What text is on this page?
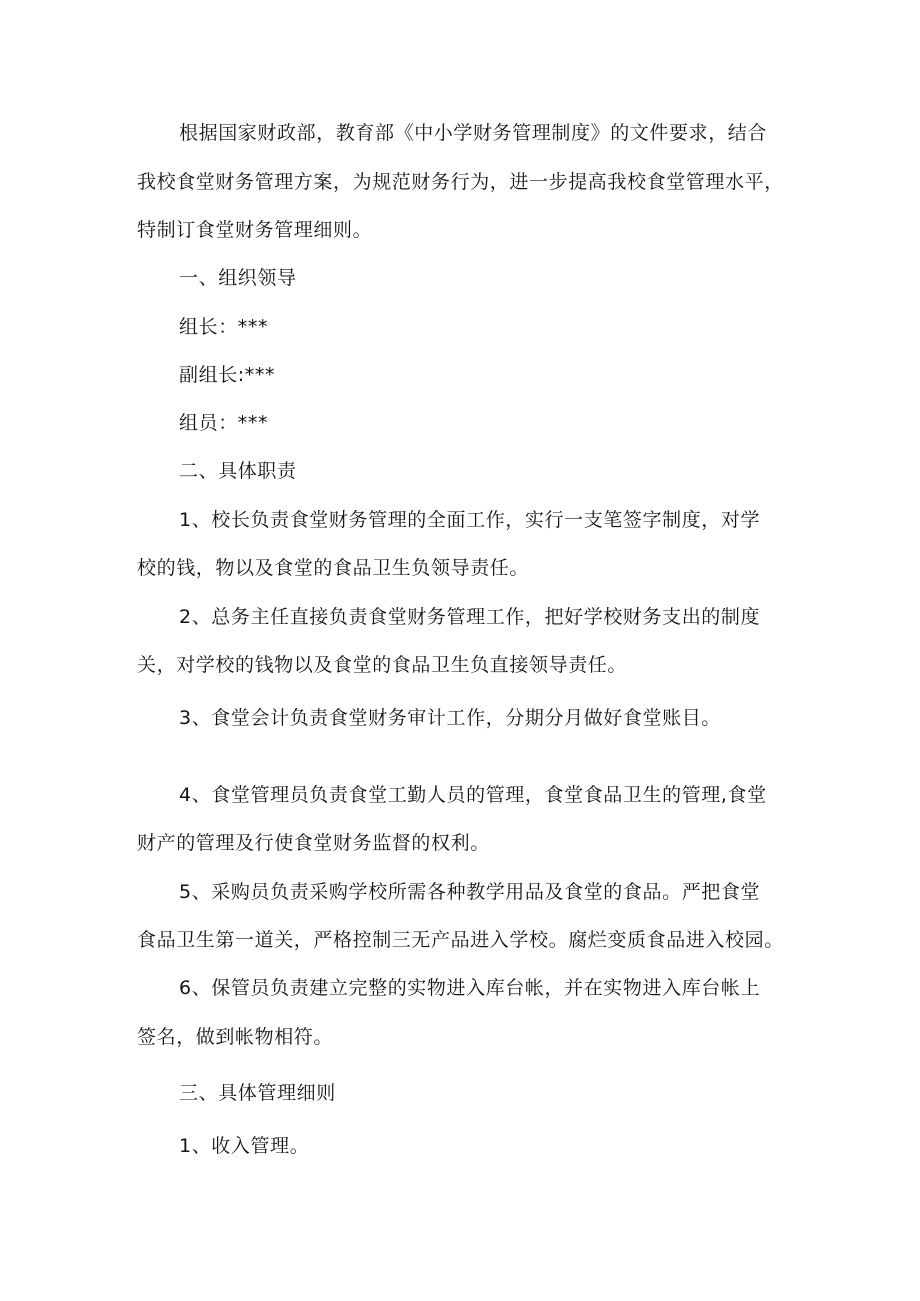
根据国家财政部，教育部《中小学财务管理制度》的文件要求，结合
我校食堂财务管理方案，为规范财务行为，进一步提高我校食堂管理水平，
特制订食堂财务管理细则。
一、组织领导
组长：***
副组长:***
组员：***
二、具体职责
1、校长负责食堂财务管理的全面工作，实行一支笔签字制度，对学
校的钱，物以及食堂的食品卫生负领导责任。
2、总务主任直接负责食堂财务管理工作，把好学校财务支出的制度
关，对学校的钱物以及食堂的食品卫生负直接领导责任。
3、食堂会计负责食堂财务审计工作，分期分月做好食堂账目。
4、食堂管理员负责食堂工勤人员的管理，食堂食品卫生的管理,食堂
财产的管理及行使食堂财务监督的权利。
5、采购员负责采购学校所需各种教学用品及食堂的食品。严把食堂
食品卫生第一道关，严格控制三无产品进入学校。腐烂变质食品进入校园。
6、保管员负责建立完整的实物进入库台帐，并在实物进入库台帐上
签名，做到帐物相符。
三、具体管理细则
1、收入管理。
